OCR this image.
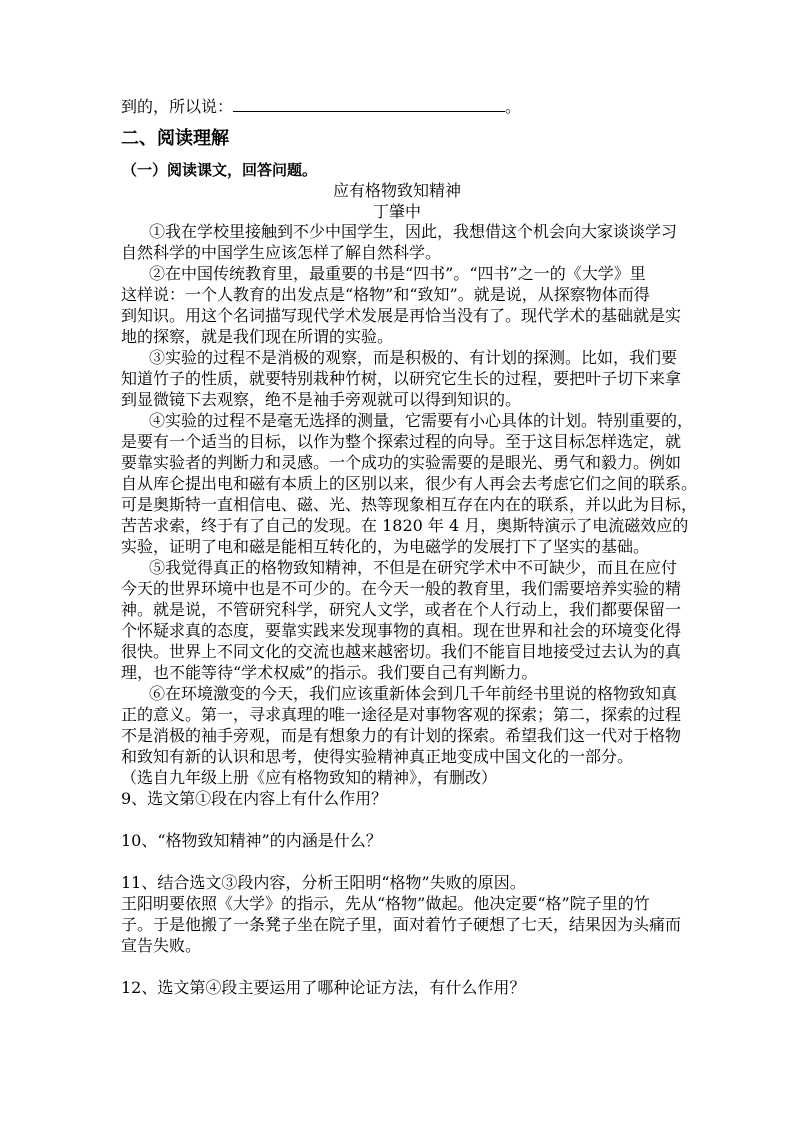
到的，所以说：	。
二、阅读理解
（一）阅读课文，回答问题。
应有格物致知精神
丁肇中
①我在学校里接触到不少中国学生，因此，我想借这个机会向大家谈谈学习
自然科学的中国学生应该怎样了解自然科学。
②在中国传统教育里，最重要的书是“四书”。“四书”之一的《大学》里
这样说：一个人教育的出发点是“格物”和“致知”。就是说，从探察物体而得
到知识。用这个名词描写现代学术发展是再恰当没有了。现代学术的基础就是实
地的探察，就是我们现在所谓的实验。
③实验的过程不是消极的观察，而是积极的、有计划的探测。比如，我们要
知道竹子的性质，就要特别栽种竹树，以研究它生长的过程，要把叶子切下来拿
到显微镜下去观察，绝不是袖手旁观就可以得到知识的。
④实验的过程不是毫无选择的测量，它需要有小心具体的计划。特别重要的，
是要有一个适当的目标，以作为整个探索过程的向导。至于这目标怎样选定，就
要靠实验者的判断力和灵感。一个成功的实验需要的是眼光、勇气和毅力。例如
自从库仑提出电和磁有本质上的区别以来，很少有人再会去考虑它们之间的联系。
可是奥斯特一直相信电、磁、光、热等现象相互存在内在的联系，并以此为目标，
苦苦求索，终于有了自己的发现。在 1820 年 4 月，奥斯特演示了电流磁效应的
实验，证明了电和磁是能相互转化的，为电磁学的发展打下了坚实的基础。
⑤我觉得真正的格物致知精神，不但是在研究学术中不可缺少，而且在应付
今天的世界环境中也是不可少的。在今天一般的教育里，我们需要培养实验的精
神。就是说，不管研究科学，研究人文学，或者在个人行动上，我们都要保留一
个怀疑求真的态度，要靠实践来发现事物的真相。现在世界和社会的环境变化得
很快。世界上不同文化的交流也越来越密切。我们不能盲目地接受过去认为的真
理，也不能等待“学术权威”的指示。我们要自己有判断力。
⑥在环境激变的今天，我们应该重新体会到几千年前经书里说的格物致知真
正的意义。第一，寻求真理的唯一途径是对事物客观的探索；第二，探索的过程
不是消极的袖手旁观，而是有想象力的有计划的探索。希望我们这一代对于格物
和致知有新的认识和思考，使得实验精神真正地变成中国文化的一部分。
（选自九年级上册《应有格物致知的精神》，有删改）
9、选文第①段在内容上有什么作用？
10、“格物致知精神”的内涵是什么？
11、结合选文③段内容，分析王阳明“格物”失败的原因。
王阳明要依照《大学》的指示，先从“格物”做起。他决定要“格”院子里的竹
子。于是他搬了一条凳子坐在院子里，面对着竹子硬想了七天，结果因为头痛而
宣告失败。
12、选文第④段主要运用了哪种论证方法，有什么作用？
